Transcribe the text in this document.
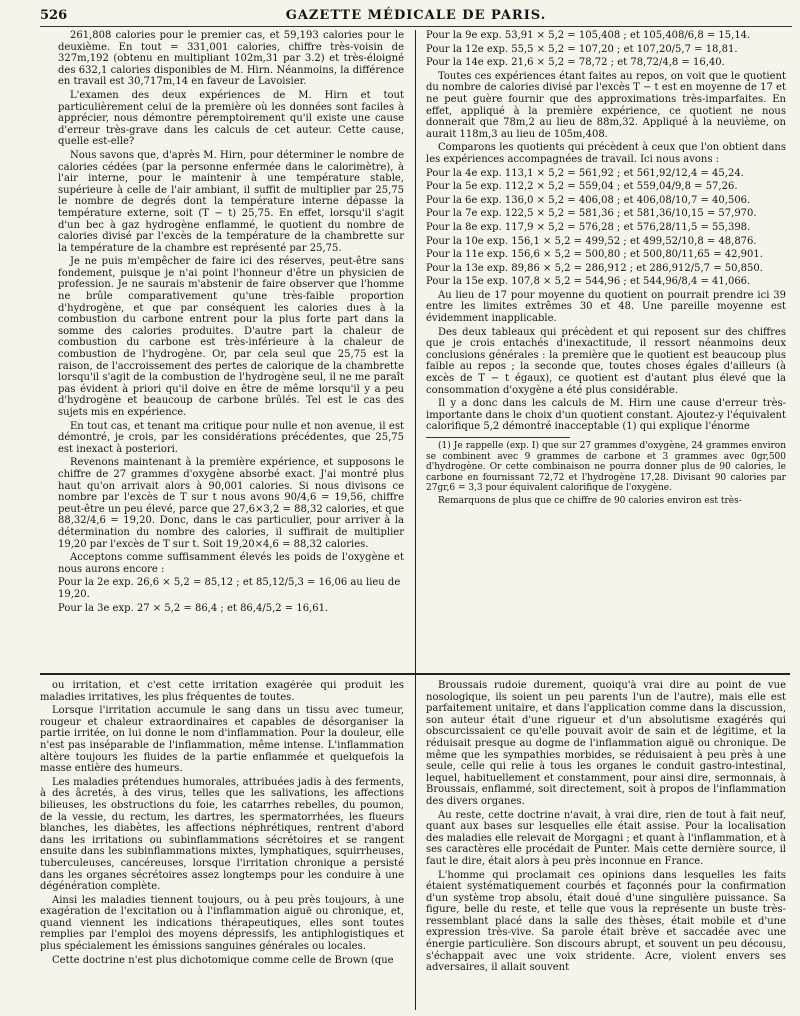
526	GAZETTE MÉDICALE DE PARIS.

261,808 calories pour le premier cas, et 59,193 calories pour le deuxième. En tout = 331,001 calories, chiffre très-voisin de 327m,192 (obtenu en multipliant 102m,31 par 3.2) et très-éloigné des 632,1 calories disponibles de M. Hirn. Néanmoins, la différence en travail est 30,717m,14 en faveur de Lavoisier.

L'examen des deux expériences de M. Hirn et tout particulièrement celui de la première où les données sont faciles à apprécier, nous démontre péremptoirement qu'il existe une cause d'erreur très-grave dans les calculs de cet auteur. Cette cause, quelle est-elle?

Nous savons que, d'après M. Hirn, pour déterminer le nombre de calories cédées (par la personne enfermée dans le calorimètre), à l'air interne, pour le maintenir à une température stable, supérieure à celle de l'air ambiant, il suffit de multiplier par 25,75 le nombre de degrés dont la température interne dépasse la température externe, soit (T − t) 25,75. En effet, lorsqu'il s'agit d'un bec à gaz hydrogène enflammé, le quotient du nombre de calories divisé par l'excès de la température de la chambrette sur la température de la chambre est représenté par 25,75.

Je ne puis m'empêcher de faire ici des réserves, peut-être sans fondement, puisque je n'ai point l'honneur d'être un physicien de profession. Je ne saurais m'abstenir de faire observer que l'homme ne brûle comparativement qu'une très-faible proportion d'hydrogène, et que par conséquent les calories dues à la combustion du carbone entrent pour la plus forte part dans la somme des calories produites. D'autre part la chaleur de combustion du carbone est très-inférieure à la chaleur de combustion de l'hydrogène. Or, par cela seul que 25,75 est la raison, de l'accroissement des pertes de calorique de la chambrette lorsqu'il s'agit de la combustion de l'hydrogène seul, il ne me paraît pas évident à priori qu'il doive en être de même lorsqu'il y a peu d'hydrogène et beaucoup de carbone brûlés. Tel est le cas des sujets mis en expérience.

En tout cas, et tenant ma critique pour nulle et non avenue, il est démontré, je crois, par les considérations précédentes, que 25,75 est inexact à posteriori.

Revenons maintenant à la première expérience, et supposons le chiffre de 27 grammes d'oxygène absorbé exact. J'ai montré plus haut qu'on arrivait alors à 90,001 calories. Si nous divisons ce nombre par l'excès de T sur t nous avons 90/4,6 = 19,56, chiffre peut-être un peu élevé, parce que 27,6×3,2 = 88,32 calories, et que 88,32/4,6 = 19,20. Donc, dans le cas particulier, pour arriver à la détermination du nombre des calories, il suffirait de multiplier 19,20 par l'excès de T sur t. Soit 19,20×4,6 = 88,32 calories.

Acceptons comme suffisamment élevés les poids de l'oxygène et nous aurons encore :

Pour la 2e exp. 26,6 × 5,2 = 85,12 ; et 85,12/5,3 = 16,06 au lieu de 19,20.

Pour la 3e exp. 27 × 5,2 = 86,4 ; et 86,4/5,2 = 16,61.

Pour la 9e exp. 53,91 × 5,2 = 105,408 ; et 105,408/6,8 = 15,14.

Pour la 12e exp. 55,5 × 5,2 = 107,20 ; et 107,20/5,7 = 18,81.

Pour la 14e exp. 21,6 × 5,2 = 78,72 ; et 78,72/4,8 = 16,40.

Toutes ces expériences étant faites au repos, on voit que le quotient du nombre de calories divisé par l'excès T − t est en moyenne de 17 et ne peut guère fournir que des approximations très-imparfaites. En effet, appliqué à la première expérience, ce quotient ne nous donnerait que 78m,2 au lieu de 88m,32. Appliqué à la neuvième, on aurait 118m,3 au lieu de 105m,408.

Comparons les quotients qui précèdent à ceux que l'on obtient dans les expériences accompagnées de travail. Ici nous avons :

Pour la 4e exp. 113,1 × 5,2 = 561,92 ; et 561,92/12,4 = 45,24.

Pour la 5e exp. 112,2 × 5,2 = 559,04 ; et 559,04/9,8 = 57,26.

Pour la 6e exp. 136,0 × 5,2 = 406,08 ; et 406,08/10,7 = 40,506.

Pour la 7e exp. 122,5 × 5,2 = 581,36 ; et 581,36/10,15 = 57,970.

Pour la 8e exp. 117,9 × 5,2 = 576,28 ; et 576,28/11,5 = 55,398.

Pour la 10e exp. 156,1 × 5,2 = 499,52 ; et 499,52/10,8 = 48,876.

Pour la 11e exp. 156,6 × 5,2 = 500,80 ; et 500,80/11,65 = 42,901.

Pour la 13e exp. 89,86 × 5,2 = 286,912 ; et 286,912/5,7 = 50,850.

Pour la 15e exp. 107,8 × 5,2 = 544,96 ; et 544,96/8,4 = 41,066.

Au lieu de 17 pour moyenne du quotient on pourrait prendre ici 39 entre les limites extrêmes 30 et 48. Une pareille moyenne est évidemment inapplicable.

Des deux tableaux qui précèdent et qui reposent sur des chiffres que je crois entachés d'inexactitude, il ressort néanmoins deux conclusions générales : la première que le quotient est beaucoup plus faible au repos ; la seconde que, toutes choses égales d'ailleurs (à excès de T − t égaux), ce quotient est d'autant plus élevé que la consommation d'oxygène a été plus considérable.

Il y a donc dans les calculs de M. Hirn une cause d'erreur très-importante dans le choix d'un quotient constant. Ajoutez-y l'équivalent calorifique 5,2 démontré inacceptable (1) qui explique l'énorme

(1) Je rappelle (exp. I) que sur 27 grammes d'oxygène, 24 grammes environ se combinent avec 9 grammes de carbone et 3 grammes avec 0gr,500 d'hydrogène. Or cette combinaison ne pourra donner plus de 90 calories, le carbone en fournissant 72,72 et l'hydrogène 17,28. Divisant 90 calories par 27gr,6 = 3,3 pour équivalent calorifique de l'oxygène.

Remarquons de plus que ce chiffre de 90 calories environ est très-

ou irritation, et c'est cette irritation exagérée qui produit les maladies irritatives, les plus fréquentes de toutes.

Lorsque l'irritation accumule le sang dans un tissu avec tumeur, rougeur et chaleur extraordinaires et capables de désorganiser la partie irritée, on lui donne le nom d'inflammation. Pour la douleur, elle n'est pas inséparable de l'inflammation, même intense. L'inflammation altère toujours les fluides de la partie enflammée et quelquefois la masse entière des humeurs.

Les maladies prétendues humorales, attribuées jadis à des ferments, à des âcretés, à des virus, telles que les salivations, les affections bilieuses, les obstructions du foie, les catarrhes rebelles, du poumon, de la vessie, du rectum, les dartres, les spermatorrhées, les flueurs blanches, les diabètes, les affections néphrétiques, rentrent d'abord dans les irritations ou subinflammations sécrétoires et se rangent ensuite dans les subinflammations mixtes, lymphatiques, squirrheuses, tuberculeuses, cancéreuses, lorsque l'irritation chronique a persisté dans les organes sécrétoires assez longtemps pour les conduire à une dégénération complète.

Ainsi les maladies tiennent toujours, ou à peu près toujours, à une exagération de l'excitation ou à l'inflammation aiguë ou chronique, et, quand viennent les indications thérapeutiques, elles sont toutes remplies par l'emploi des moyens dépressifs, les antiphlogistiques et plus spécialement les émissions sanguines générales ou locales.

Cette doctrine n'est plus dichotomique comme celle de Brown (que

Broussais rudoie durement, quoiqu'à vrai dire au point de vue nosologique, ils soient un peu parents l'un de l'autre), mais elle est parfaitement unitaire, et dans l'application comme dans la discussion, son auteur était d'une rigueur et d'un absolutisme exagérés qui obscurcissaient ce qu'elle pouvait avoir de sain et de légitime, et la réduisait presque au dogme de l'inflammation aiguë ou chronique. De même que les sympathies morbides, se réduisaient à peu près à une seule, celle qui relie à tous les organes le conduit gastro-intestinal, lequel, habituellement et constamment, pour ainsi dire, sermonnais, à Broussais, enflammé, soit directement, soit à propos de l'inflammation des divers organes.

Au reste, cette doctrine n'avait, à vrai dire, rien de tout à fait neuf, quant aux bases sur lesquelles elle était assise. Pour la localisation des maladies elle relevait de Morgagni ; et quant à l'inflammation, et à ses caractères elle procédait de Punter. Mais cette dernière source, il faut le dire, était alors à peu près inconnue en France.

L'homme qui proclamait ces opinions dans lesquelles les faits étaient systématiquement courbés et façonnés pour la confirmation d'un système trop absolu, était doué d'une singulière puissance. Sa figure, belle du reste, et telle que vous la représente un buste très-ressemblant placé dans la salle des thèses, était mobile et d'une expression très-vive. Sa parole était brève et saccadée avec une énergie particulière. Son discours abrupt, et souvent un peu décousu, s'échappait avec une voix stridente. Acre, violent envers ses adversaires, il allait souvent
